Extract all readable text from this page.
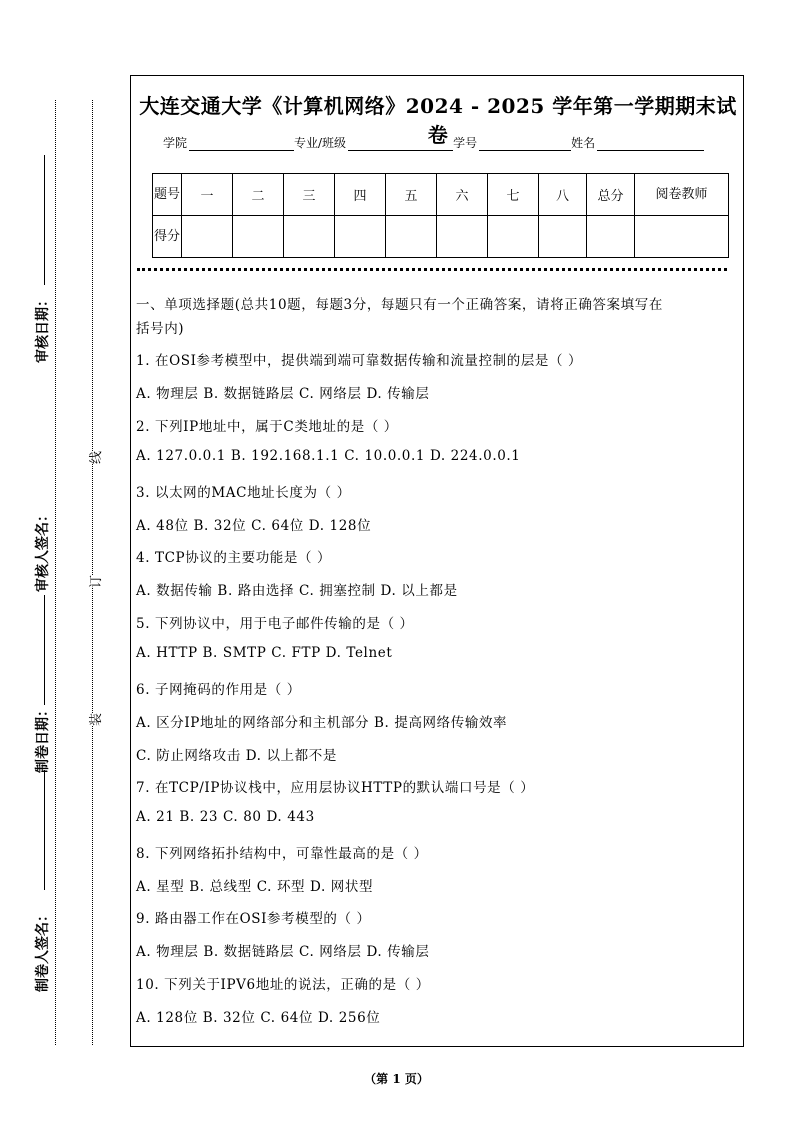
审核日期：
审核人签名：
制卷日期：
制卷人签名：
线
订
装
大连交通大学《计算机网络》2024 - 2025 学年第一学期期末试卷
学院	专业/班级	学号	姓名
题号	一	二	三	四	五	六	七	八	总分	阅卷教师
得分										
一、单项选择题(总共10题，每题3分，每题只有一个正确答案，请将正确答案填写在
括号内)
1. 在OSI参考模型中，提供端到端可靠数据传输和流量控制的层是（ ）
A. 物理层 B. 数据链路层 C. 网络层 D. 传输层
2. 下列IP地址中，属于C类地址的是（ ）
A. 127.0.0.1 B. 192.168.1.1 C. 10.0.0.1 D. 224.0.0.1
3. 以太网的MAC地址长度为（ ）
A. 48位 B. 32位 C. 64位 D. 128位
4. TCP协议的主要功能是（ ）
A. 数据传输 B. 路由选择 C. 拥塞控制 D. 以上都是
5. 下列协议中，用于电子邮件传输的是（ ）
A. HTTP B. SMTP C. FTP D. Telnet
6. 子网掩码的作用是（ ）
A. 区分IP地址的网络部分和主机部分 B. 提高网络传输效率
C. 防止网络攻击 D. 以上都不是
7. 在TCP/IP协议栈中，应用层协议HTTP的默认端口号是（ ）
A. 21 B. 23 C. 80 D. 443
8. 下列网络拓扑结构中，可靠性最高的是（ ）
A. 星型 B. 总线型 C. 环型 D. 网状型
9. 路由器工作在OSI参考模型的（ ）
A. 物理层 B. 数据链路层 C. 网络层 D. 传输层
10. 下列关于IPV6地址的说法，正确的是（ ）
A. 128位 B. 32位 C. 64位 D. 256位
（第 1 页）
